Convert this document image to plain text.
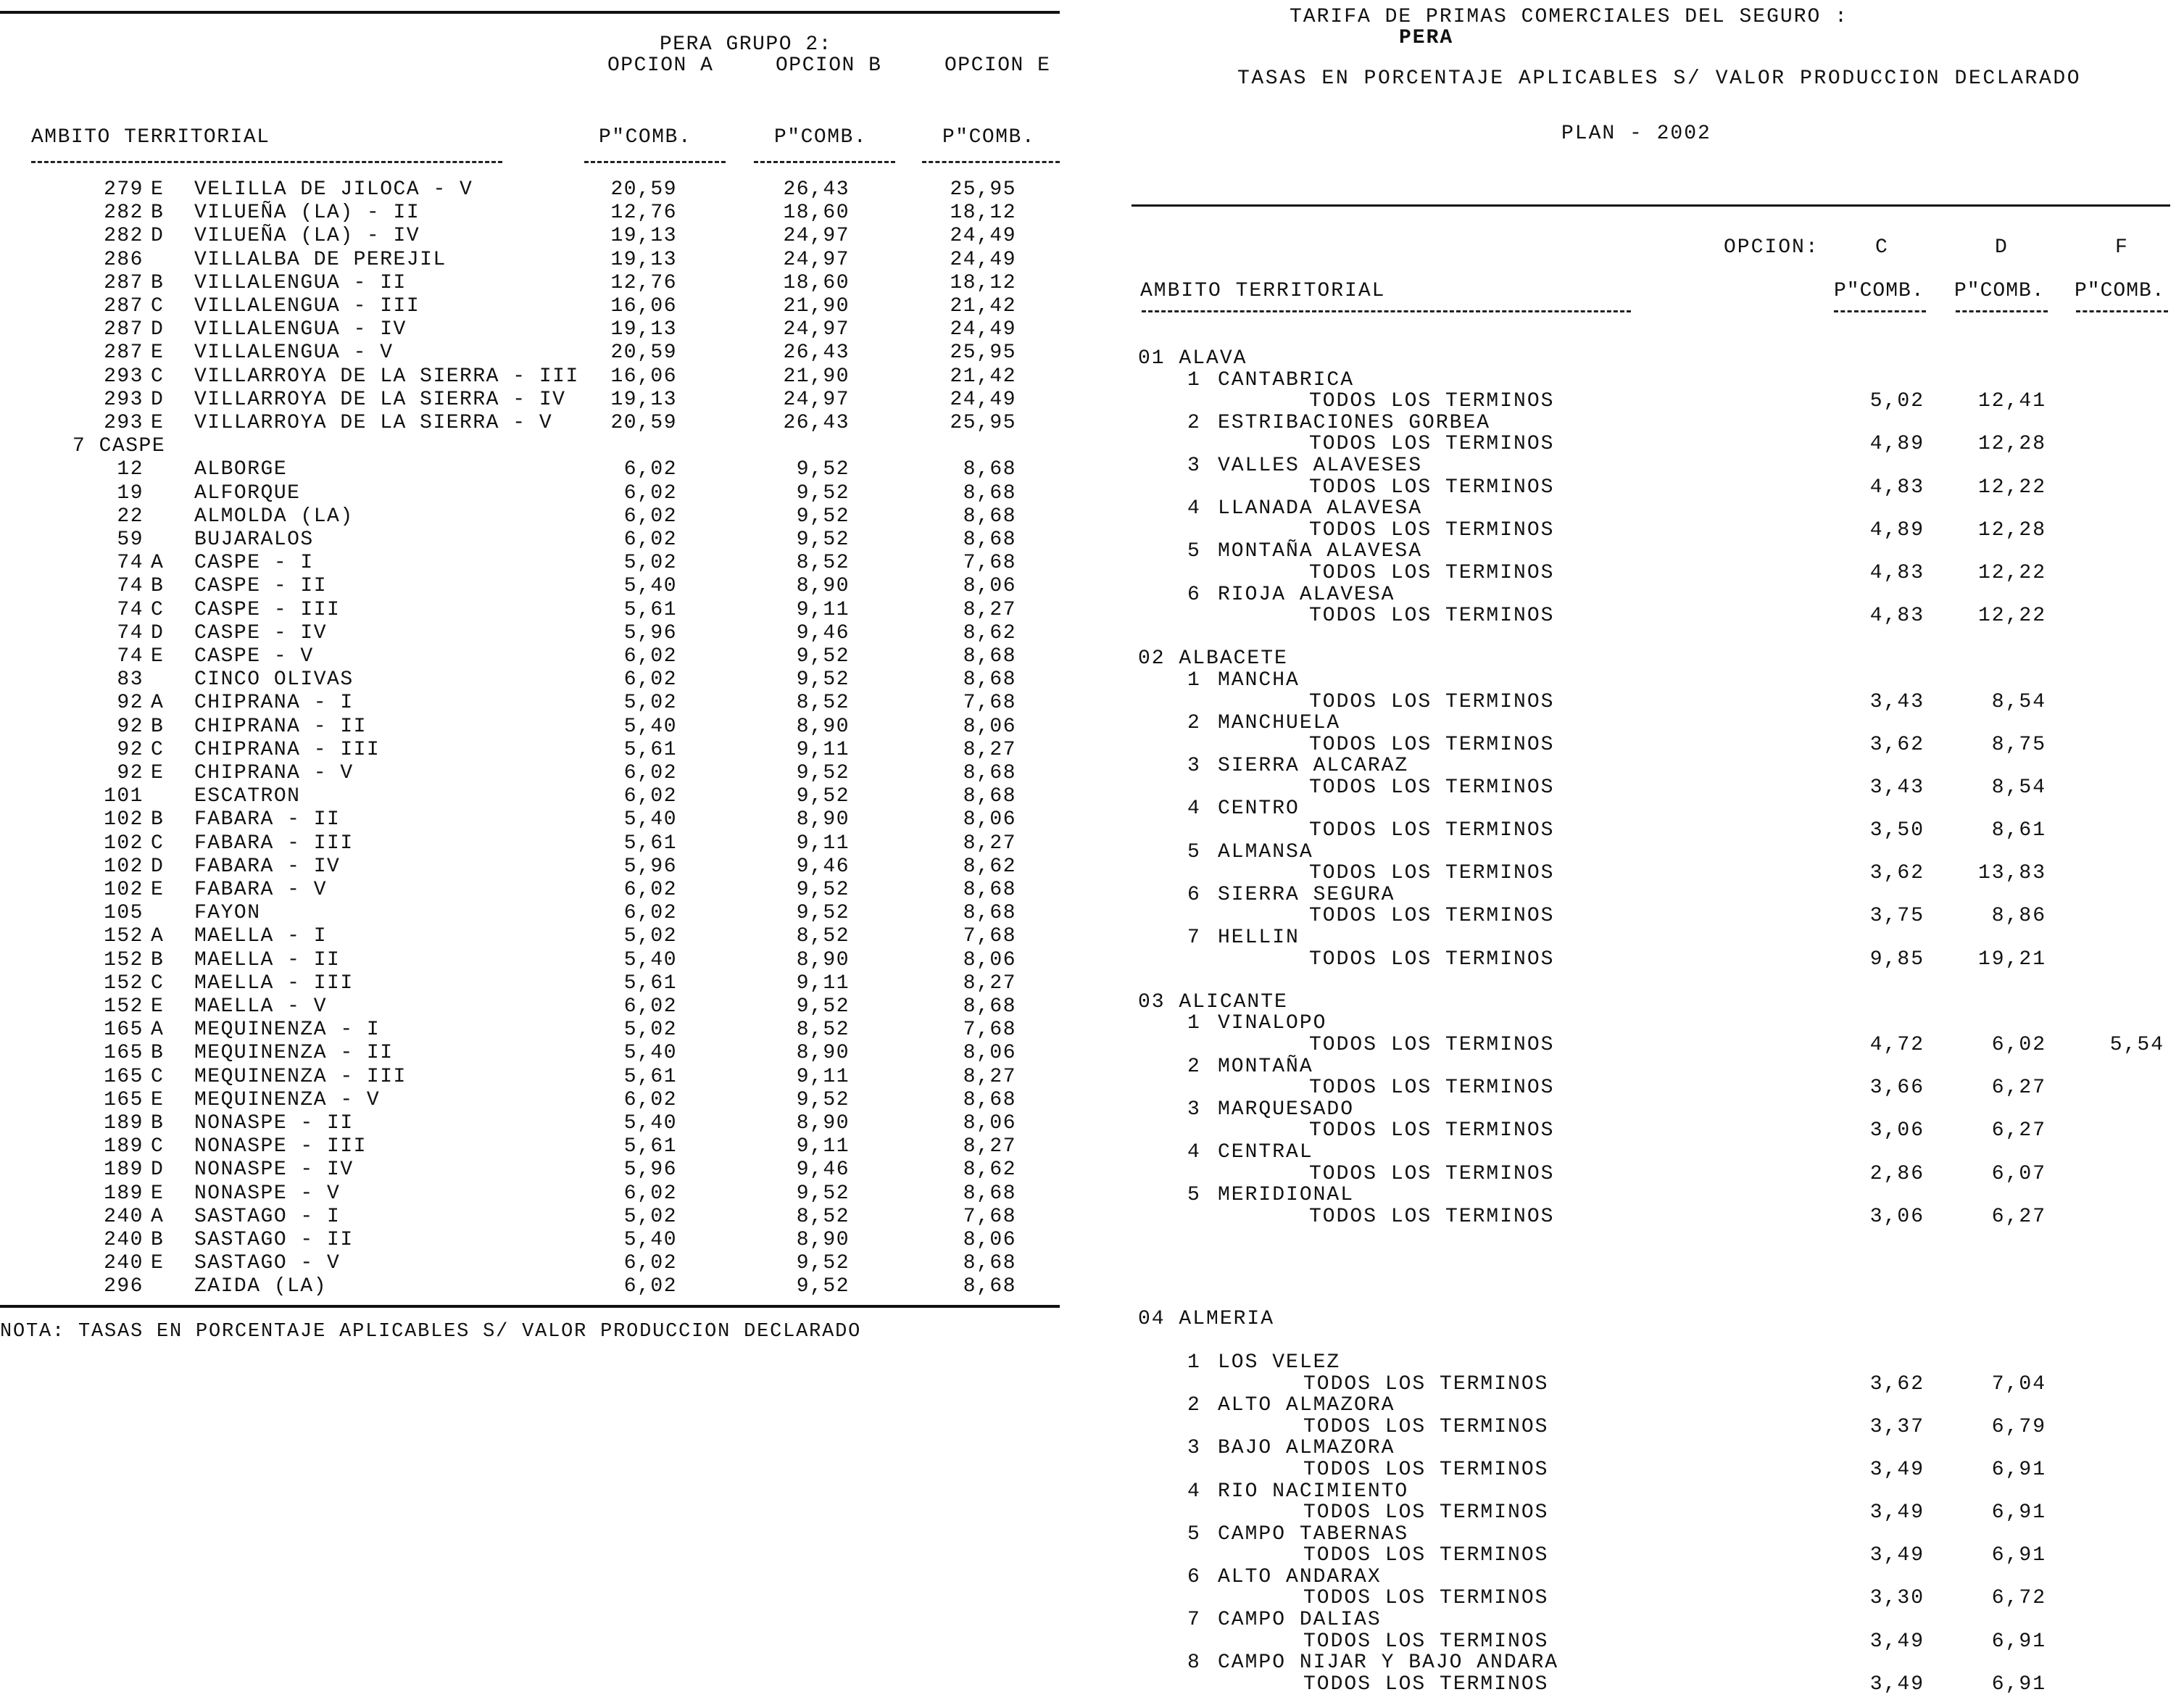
PERA GRUPO 2:
OPCION A	OPCION B	OPCION E
AMBITO TERRITORIAL	P"COMB.	P"COMB.	P"COMB.
279 E VELILLA DE JILOCA - V	20,59	26,43	25,95
282 B VILUEÑA (LA) - II	12,76	18,60	18,12
282 D VILUEÑA (LA) - IV	19,13	24,97	24,49
286	VILLALBA DE PEREJIL	19,13	24,97	24,49
287 B VILLALENGUA - II	12,76	18,60	18,12
287 C VILLALENGUA - III	16,06	21,90	21,42
287 D VILLALENGUA - IV	19,13	24,97	24,49
287 E VILLALENGUA - V	20,59	26,43	25,95
293 C VILLARROYA DE LA SIERRA - III 16,06	21,90	21,42
293 D VILLARROYA DE LA SIERRA - IV 19,13	24,97	24,49
293 E VILLARROYA DE LA SIERRA - V	20,59	26,43	25,95
7 CASPE
12	ALBORGE	6,02	9,52	8,68
19	ALFORQUE	6,02	9,52	8,68
22	ALMOLDA (LA)	6,02	9,52	8,68
59	BUJARALOS	6,02	9,52	8,68
74 A CASPE - I	5,02	8,52	7,68
74 B CASPE - II	5,40	8,90	8,06
74 C CASPE - III	5,61	9,11	8,27
74 D CASPE - IV	5,96	9,46	8,62
74 E CASPE - V	6,02	9,52	8,68
83	CINCO OLIVAS	6,02	9,52	8,68
92 A CHIPRANA - I	5,02	8,52	7,68
92 B CHIPRANA - II	5,40	8,90	8,06
92 C CHIPRANA - III	5,61	9,11	8,27
92 E CHIPRANA - V	6,02	9,52	8,68
101	ESCATRON	6,02	9,52	8,68
102 B FABARA - II	5,40	8,90	8,06
102 C FABARA - III	5,61	9,11	8,27
102 D FABARA - IV	5,96	9,46	8,62
102 E FABARA - V	6,02	9,52	8,68
105	FAYON	6,02	9,52	8,68
152 A MAELLA - I	5,02	8,52	7,68
152 B MAELLA - II	5,40	8,90	8,06
152 C MAELLA - III	5,61	9,11	8,27
152 E MAELLA - V	6,02	9,52	8,68
165 A MEQUINENZA - I	5,02	8,52	7,68
165 B MEQUINENZA - II	5,40	8,90	8,06
165 C MEQUINENZA - III	5,61	9,11	8,27
165 E MEQUINENZA - V	6,02	9,52	8,68
189 B NONASPE - II	5,40	8,90	8,06
189 C NONASPE - III	5,61	9,11	8,27
189 D NONASPE - IV	5,96	9,46	8,62
189 E NONASPE - V	6,02	9,52	8,68
240 A SASTAGO - I	5,02	8,52	7,68
240 B SASTAGO - II	5,40	8,90	8,06
240 E SASTAGO - V	6,02	9,52	8,68
296	ZAIDA (LA)	6,02	9,52	8,68
NOTA: TASAS EN PORCENTAJE APLICABLES S/ VALOR PRODUCCION DECLARADO
TARIFA DE PRIMAS COMERCIALES DEL SEGURO :
PERA
TASAS EN PORCENTAJE APLICABLES S/ VALOR PRODUCCION DECLARADO
PLAN - 2002
OPCION:	C	D	F
AMBITO TERRITORIAL	P"COMB. P"COMB. P"COMB.
01 ALAVA
1 CANTABRICA
TODOS LOS TERMINOS	5,02	12,41
2 ESTRIBACIONES GORBEA
TODOS LOS TERMINOS	4,89	12,28
3 VALLES ALAVESES
TODOS LOS TERMINOS	4,83	12,22
4 LLANADA ALAVESA
TODOS LOS TERMINOS	4,89	12,28
5 MONTAÑA ALAVESA
TODOS LOS TERMINOS	4,83	12,22
6 RIOJA ALAVESA
TODOS LOS TERMINOS	4,83	12,22
02 ALBACETE
1 MANCHA
TODOS LOS TERMINOS	3,43	8,54
2 MANCHUELA
TODOS LOS TERMINOS	3,62	8,75
3 SIERRA ALCARAZ
TODOS LOS TERMINOS	3,43	8,54
4 CENTRO
TODOS LOS TERMINOS	3,50	8,61
5 ALMANSA
TODOS LOS TERMINOS	3,62	13,83
6 SIERRA SEGURA
TODOS LOS TERMINOS	3,75	8,86
7 HELLIN
TODOS LOS TERMINOS	9,85	19,21
03 ALICANTE
1 VINALOPO
TODOS LOS TERMINOS	4,72	6,02	5,54
2 MONTAÑA
TODOS LOS TERMINOS	3,66	6,27
3 MARQUESADO
TODOS LOS TERMINOS	3,06	6,27
4 CENTRAL
TODOS LOS TERMINOS	2,86	6,07
5 MERIDIONAL
TODOS LOS TERMINOS	3,06	6,27
04 ALMERIA
1 LOS VELEZ
TODOS LOS TERMINOS	3,62	7,04
2 ALTO ALMAZORA
TODOS LOS TERMINOS	3,37	6,79
3 BAJO ALMAZORA
TODOS LOS TERMINOS	3,49	6,91
4 RIO NACIMIENTO
TODOS LOS TERMINOS	3,49	6,91
5 CAMPO TABERNAS
TODOS LOS TERMINOS	3,49	6,91
6 ALTO ANDARAX
TODOS LOS TERMINOS	3,30	6,72
7 CAMPO DALIAS
TODOS LOS TERMINOS	3,49	6,91
8 CAMPO NIJAR Y BAJO ANDARA
TODOS LOS TERMINOS	3,49	6,91
